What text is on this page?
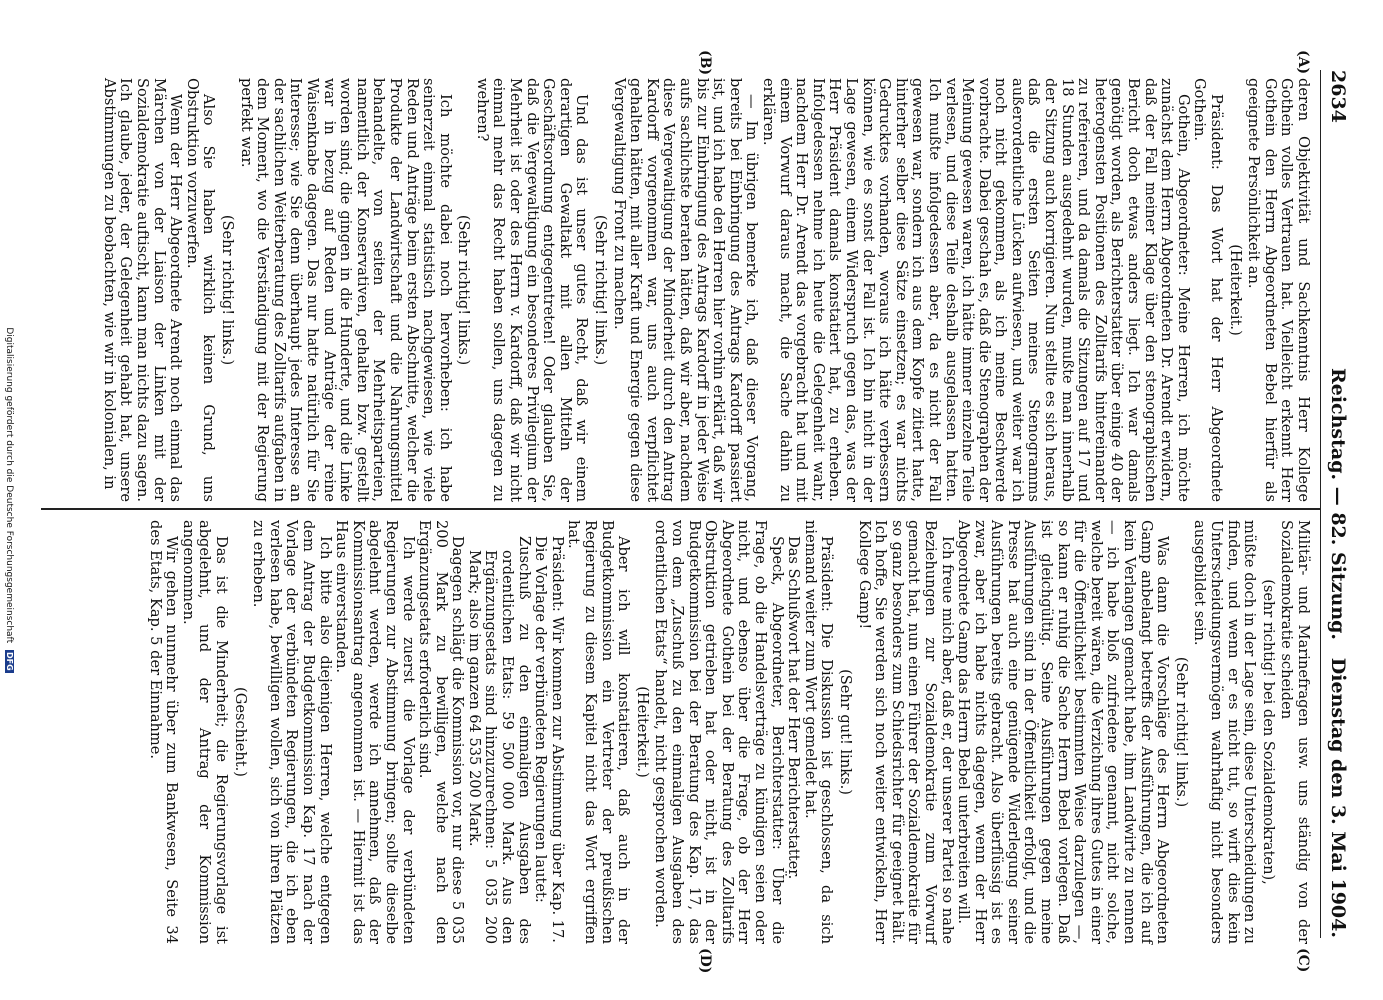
2634
Reichstag. — 82. Sitzung.
Dienstag den 3. Mai 1904.
(A)
(B)
(C)
(D)

deren Objektivität und Sachkenntnis Herr Kollege Gothein volles Vertrauen hat. Vielleicht erkennt Herr Gothein den Herrn Abgeordneten Bebel hierfür als geeignete Persönlichkeit an.

(Heiterkeit.)

Präsident: Das Wort hat der Herr Abgeordnete Gothein.

Gothein, Abgeordneter: Meine Herren, ich möchte zunächst dem Herrn Abgeordneten Dr. Arendt erwidern, daß der Fall meiner Klage über den stenographischen Bericht doch etwas anders liegt. Ich war damals genötigt worden, als Berichterstatter über einige 40 der heterogensten Positionen des Zolltarifs hintereinander zu referieren, und da damals die Sitzungen auf 17 und 18 Stunden ausgedehnt wurden, mußte man innerhalb der Sitzung auch korrigieren. Nun stellte es sich heraus, daß die ersten Seiten meines Stenogramms außerordentliche Lücken aufwiesen, und weiter war ich noch nicht gekommen, als ich meine Beschwerde vorbrachte. Dabei geschah es, daß die Stenographen der Meinung gewesen waren, ich hätte immer einzelne Teile verlesen, und diese Teile deshalb ausgelassen hatten. Ich mußte infolgedessen aber, da es nicht der Fall gewesen war, sondern ich aus dem Kopfe zitiert hatte, hinterher selber diese Sätze einsetzen; es war nichts Gedrucktes vorhanden, woraus ich hätte verbessern können, wie es sonst der Fall ist. Ich bin nicht in der Lage gewesen, einem Widerspruch gegen das, was der Herr Präsident damals konstatiert hat, zu erheben. Infolgedessen nehme ich heute die Gelegenheit wahr, nachdem Herr Dr. Arendt das vorgebracht hat und mit einem Vorwurf daraus macht, die Sache dahin zu erklären.

— Im übrigen bemerke ich, daß dieser Vorgang, bereits bei Einbringung des Antrags Kardorff passiert ist, und ich habe den Herren hier vorhin erklärt, daß wir bis zur Einbringung des Antrags Kardorff in jeder Weise aufs sachlichste beraten hätten, daß wir aber, nachdem diese Vergewaltigung der Minderheit durch den Antrag Kardorff vorgenommen war, uns auch verpflichtet gehalten hätten, mit aller Kraft und Energie gegen diese Vergewaltigung Front zu machen.

(Sehr richtig! links.)

Und das ist unser gutes Recht, daß wir einem derartigen Gewaltakt mit allen Mitteln der Geschäftsordnung entgegentreten! Oder glauben Sie, daß die Vergewaltigung ein besonderes Privilegium der Mehrheit ist oder des Herrn v. Kardorff, daß wir nicht einmal mehr das Recht haben sollen, uns dagegen zu wehren?

(Sehr richtig! links.)

Ich möchte dabei noch hervorheben: ich habe seinerzeit einmal statistisch nachgewiesen, wie viele Reden und Anträge beim ersten Abschnitte, welcher die Produkte der Landwirtschaft und die Nahrungsmittel behandelte, von seiten der Mehrheitsparteien, namentlich der Konservativen, gehalten bzw. gestellt worden sind; die gingen in die Hunderte, und die Linke war in bezug auf Reden und Anträge der reine Waisenknabe dagegen. Das nur hatte natürlich für Sie Interesse; wie Sie denn überhaupt jedes Interesse an der sachlichen Weiterberatung des Zolltarifs aufgaben in dem Moment, wo die Verständigung mit der Regierung perfekt war.

(Sehr richtig! links.)

Also Sie haben wirklich keinen Grund, uns Obstruktion vorzuwerfen.

Wenn der Herr Abgeordnete Arendt noch einmal das Märchen von der Liaison der Linken mit der Sozialdemokratie auftischt, kann man nichts dazu sagen. Ich glaube, jeder, der Gelegenheit gehabt hat, unsere Abstimmungen zu beobachten, wie wir in kolonialen, in

Militär- und Marinefragen usw. uns ständig von der Sozialdemokratie scheiden

(sehr richtig! bei den Sozialdemokraten),

müßte doch in der Lage sein, diese Unterscheidungen zu finden, und wenn er es nicht tut, so wirft dies kein Unterscheidungsvermögen wahrhaftig nicht besonders ausgebildet sein.

(Sehr richtig! links.)

Was dann die Vorschläge des Herrn Abgeordneten Gamp anbelangt betreffs der Ausführungen, die ich auf kein Verlangen gemacht habe, ihm Landwirte zu nennen — ich habe bloß zufriedene genannt, nicht solche, welche bereit wären, die Verzichung ihres Gutes in einer für die Öffentlichkeit bestimmten Weise darzulegen —, so kann er ruhig die Sache Herrn Bebel vorlegen. Daß ist gleichgültig. Seine Ausführungen gegen meine Ausführungen sind in der Öffentlichkeit erfolgt, und die Presse hat auch eine genügende Widerlegung seiner Ausführungen bereits gebracht. Also überflüssig ist es zwar, aber ich habe nichts dagegen, wenn der Herr Abgeordnete Gamp das Herrn Bebel unterbreiten will.

Ich freue mich aber, daß er, der unserer Partei so nahe Beziehungen zur Sozialdemokratie zum Vorwurf gemacht hat, nun einen Führer der Sozialdemokratie für so ganz besonders zum Schiedsrichter für geeignet hält. Ich hoffe, Sie werden sich noch weiter entwickeln, Herr Kollege Gamp!

(Sehr gut! links.)

Präsident: Die Diskussion ist geschlossen, da sich niemand weiter zum Wort gemeldet hat.

Das Schlußwort hat der Herr Berichterstatter.

Speck, Abgeordneter, Berichterstatter: Über die Frage, ob die Handelsverträge zu kündigen seien oder nicht, und ebenso über die Frage, ob der Herr Abgeordnete Gothein bei der Beratung des Zolltarifs Obstruktion getrieben hat oder nicht, ist in der Budgetkommission bei der Beratung des Kap. 17, das von dem „Zuschuß zu den einmaligen Ausgaben des ordentlichen Etats“ handelt, nicht gesprochen worden.

(Heiterkeit.)

Aber ich will konstatieren, daß auch in der Budgetkommission ein Vertreter der preußischen Regierung zu diesem Kapitel nicht das Wort ergriffen hat.

Präsident: Wir kommen zur Abstimmung über Kap. 17.

Die Vorlage der verbündeten Regierungen lautet:

Zuschuß zu den einmaligen Ausgaben des ordentlichen Etats: 59 500 000 Mark. Aus den Ergänzungsetats sind hinzuzurechnen: 5 035 200 Mark; also im ganzen 64 535 200 Mark.

Dagegen schlägt die Kommission vor, nur diese 5 035 200 Mark zu bewilligen, welche nach den Ergänzungsetats erforderlich sind.

Ich werde zuerst die Vorlage der verbündeten Regierungen zur Abstimmung bringen; sollte dieselbe abgelehnt werden, werde ich annehmen, daß der Kommissionsantrag angenommen ist. — Hiermit ist das Haus einverstanden.

Ich bitte also diejenigen Herren, welche entgegen dem Antrag der Budgetkommission Kap. 17 nach der Vorlage der verbündeten Regierungen, die ich eben verlesen habe, bewilligen wollen, sich von ihren Plätzen zu erheben.

(Geschieht.)

Das ist die Minderheit; die Regierungsvorlage ist abgelehnt, und der Antrag der Kommission angenommen.

Wir gehen nunmehr über zum Bankwesen, Seite 34 des Etats, Kap. 5 der Einnahme.

Digitalisierung gefördert durch die Deutsche Forschungsgemeinschaft DFG
